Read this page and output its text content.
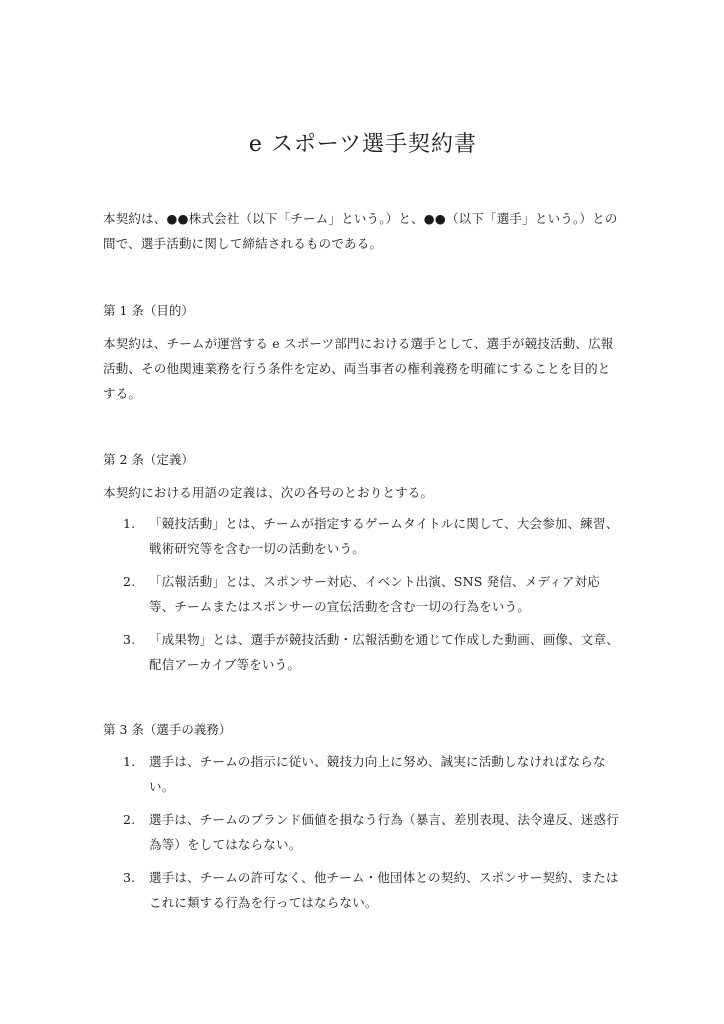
e スポーツ選手契約書

本契約は、●●株式会社（以下「チーム」という。）と、●●（以下「選手」という。）との間で、選手活動に関して締結されるものである。

第 1 条（目的）

本契約は、チームが運営する e スポーツ部門における選手として、選手が競技活動、広報活動、その他関連業務を行う条件を定め、両当事者の権利義務を明確にすることを目的とする。

第 2 条（定義）

本契約における用語の定義は、次の各号のとおりとする。

1. 「競技活動」とは、チームが指定するゲームタイトルに関して、大会参加、練習、戦術研究等を含む一切の活動をいう。
2. 「広報活動」とは、スポンサー対応、イベント出演、SNS 発信、メディア対応等、チームまたはスポンサーの宣伝活動を含む一切の行為をいう。
3. 「成果物」とは、選手が競技活動・広報活動を通じて作成した動画、画像、文章、配信アーカイブ等をいう。
第 3 条（選手の義務）
1. 選手は、チームの指示に従い、競技力向上に努め、誠実に活動しなければならない。
2. 選手は、チームのブランド価値を損なう行為（暴言、差別表現、法令違反、迷惑行為等）をしてはならない。
3. 選手は、チームの許可なく、他チーム・他団体との契約、スポンサー契約、またはこれに類する行為を行ってはならない。
